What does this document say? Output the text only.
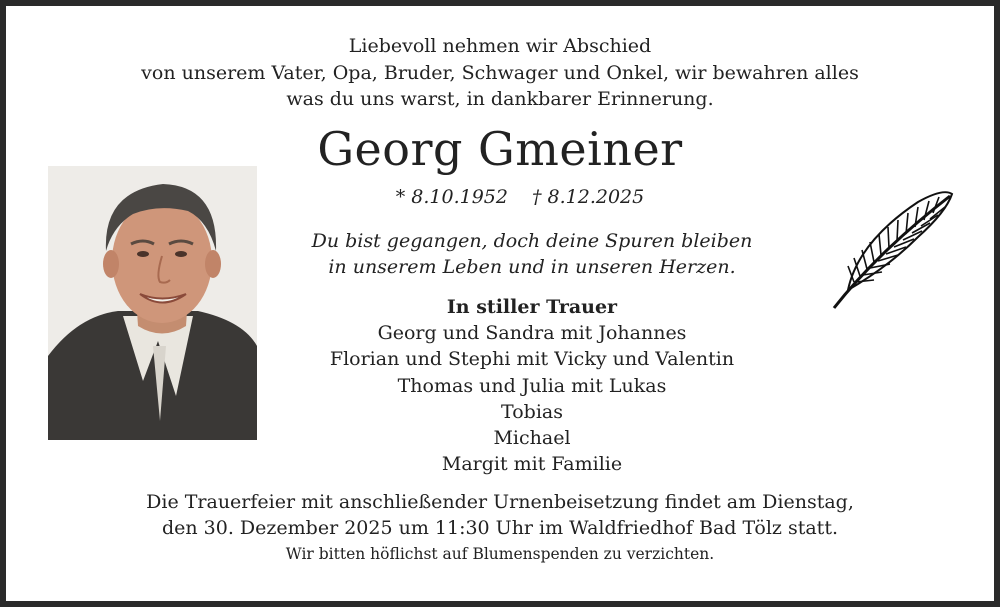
Liebevoll nehmen wir Abschied
von unserem Vater, Opa, Bruder, Schwager und Onkel, wir bewahren alles
was du uns warst, in dankbarer Erinnerung.
Georg Gmeiner
* 8.10.1952 † 8.12.2025
Du bist gegangen, doch deine Spuren bleiben
in unserem Leben und in unseren Herzen.
In stiller Trauer
Georg und Sandra mit Johannes
Florian und Stephi mit Vicky und Valentin
Thomas und Julia mit Lukas
Tobias
Michael
Margit mit Familie
Die Trauerfeier mit anschließender Urnenbeisetzung findet am Dienstag,
den 30. Dezember 2025 um 11:30 Uhr im Waldfriedhof Bad Tölz statt.
Wir bitten höflichst auf Blumenspenden zu verzichten.
